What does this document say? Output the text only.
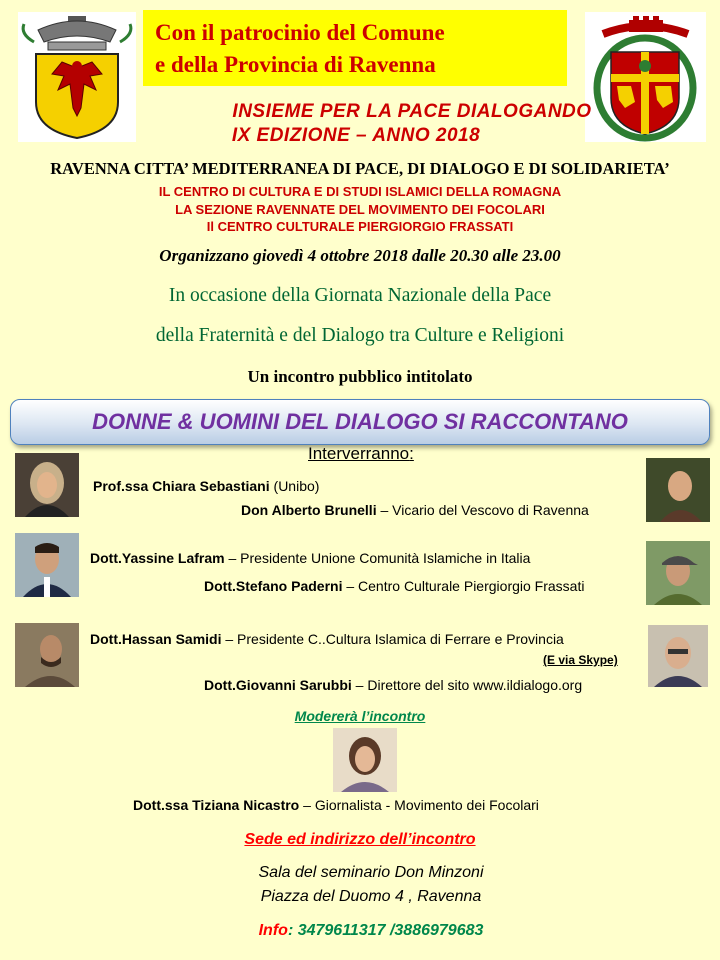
Con il patrocinio del Comune
e della Provincia di Ravenna
INSIEME PER LA PACE DIALOGANDO
IX EDIZIONE – ANNO 2018
RAVENNA CITTA’ MEDITERRANEA DI PACE, DI DIALOGO E DI SOLIDARIETA’
IL CENTRO DI CULTURA E DI STUDI ISLAMICI DELLA ROMAGNA
LA SEZIONE RAVENNATE DEL MOVIMENTO DEI FOCOLARI
Il CENTRO CULTURALE PIERGIORGIO FRASSATI
Organizzano giovedì 4 ottobre 2018 dalle 20.30 alle 23.00
In occasione della Giornata Nazionale della Pace
della Fraternità e del Dialogo tra Culture e Religioni
Un incontro pubblico intitolato
DONNE & UOMINI DEL DIALOGO SI RACCONTANO
Interverranno:
Prof.ssa Chiara Sebastiani (Unibo)
Don Alberto Brunelli – Vicario del Vescovo di Ravenna
Dott.Yassine Lafram – Presidente Unione Comunità Islamiche in Italia
Dott.Stefano Paderni – Centro Culturale Piergiorgio Frassati
Dott.Hassan Samidi – Presidente C..Cultura Islamica di Ferrare e Provincia
(E via Skype)
Dott.Giovanni Sarubbi – Direttore del sito www.ildialogo.org
Modererà l’incontro
Dott.ssa Tiziana Nicastro – Giornalista - Movimento dei Focolari
Sede ed indirizzo dell’incontro
Sala del seminario Don Minzoni
Piazza del Duomo 4 , Ravenna
Info: 3479611317 /3886979683
